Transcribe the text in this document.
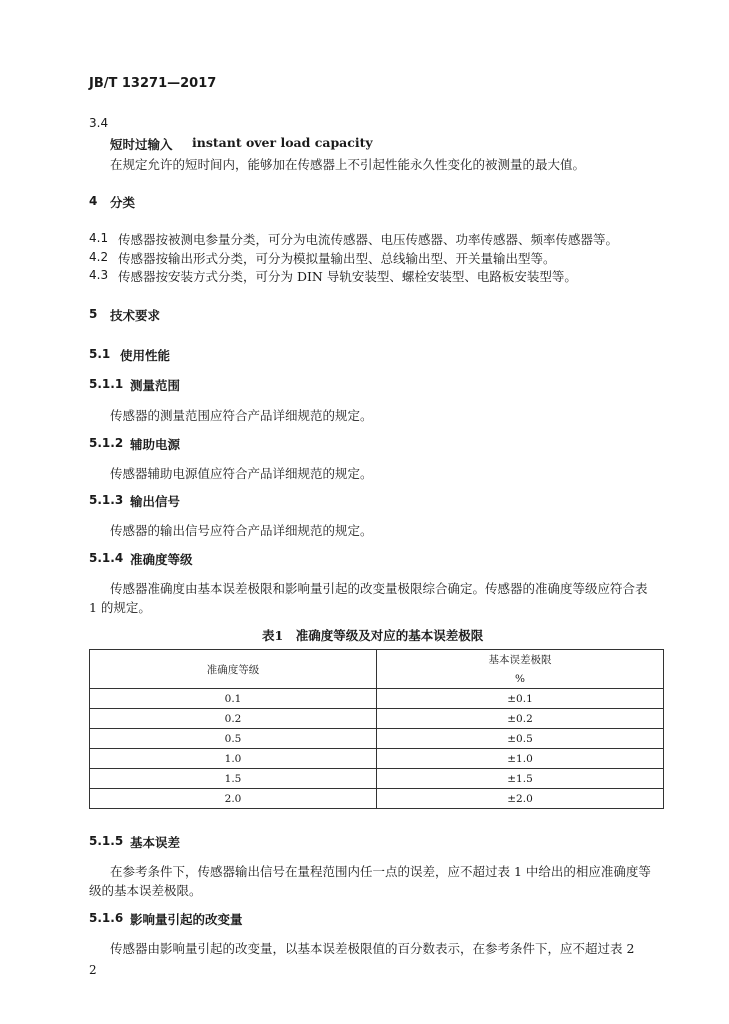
JB/T 13271—2017
3.4
短时过输入 instant over load capacity
在规定允许的短时间内，能够加在传感器上不引起性能永久性变化的被测量的最大值。
4 分类
4.1 传感器按被测电参量分类，可分为电流传感器、电压传感器、功率传感器、频率传感器等。
4.2 传感器按输出形式分类，可分为模拟量输出型、总线输出型、开关量输出型等。
4.3 传感器按安装方式分类，可分为 DIN 导轨安装型、螺栓安装型、电路板安装型等。
5 技术要求
5.1 使用性能
5.1.1 测量范围
传感器的测量范围应符合产品详细规范的规定。
5.1.2 辅助电源
传感器辅助电源值应符合产品详细规范的规定。
5.1.3 输出信号
传感器的输出信号应符合产品详细规范的规定。
5.1.4 准确度等级
传感器准确度由基本误差极限和影响量引起的改变量极限综合确定。传感器的准确度等级应符合表
1 的规定。
表1　准确度等级及对应的基本误差极限
准确度等级	基本误差极限
	%
0.1	±0.1
0.2	±0.2
0.5	±0.5
1.0	±1.0
1.5	±1.5
2.0	±2.0
5.1.5 基本误差
在参考条件下，传感器输出信号在量程范围内任一点的误差，应不超过表 1 中给出的相应准确度等
级的基本误差极限。
5.1.6 影响量引起的改变量
传感器由影响量引起的改变量，以基本误差极限值的百分数表示，在参考条件下，应不超过表 2
2
